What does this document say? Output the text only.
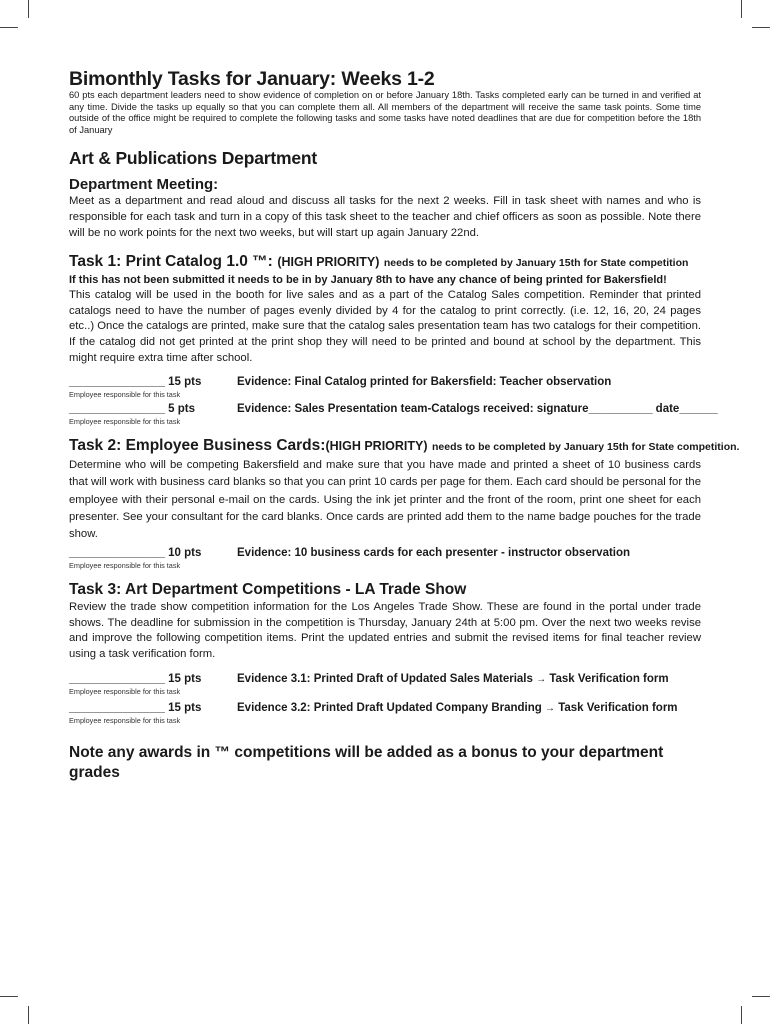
Bimonthly Tasks for January: Weeks 1-2

60 pts each department leaders need to show evidence of completion on or before January 18th. Tasks completed early can be turned in and verified at any time. Divide the tasks up equally so that you can complete them all. All members of the department will receive the same task points. Some time outside of the office might be required to complete the following tasks and some tasks have noted deadlines that are due for competition before the 18th of January

Art & Publications Department
Department Meeting:

Meet as a department and read aloud and discuss all tasks for the next 2 weeks. Fill in task sheet with names and who is responsible for each task and turn in a copy of this task sheet to the teacher and chief officers as soon as possible. Note there will be no work points for the next two weeks, but will start up again January 22nd.

Task 1: Print Catalog 1.0 ™: (HIGH PRIORITY) needs to be completed by January 15th for State competition

If this has not been submitted it needs to be in by January 8th to have any chance of being printed for Bakersfield!

This catalog will be used in the booth for live sales and as a part of the Catalog Sales competition. Reminder that printed catalogs need to have the number of pages evenly divided by 4 for the catalog to print correctly. (i.e. 12, 16, 20, 24 pages etc..) Once the catalogs are printed, make sure that the catalog sales presentation team has two catalogs for their competition. If the catalog did not get printed at the print shop they will need to be printed and bound at school by the department. This might require extra time after school.

_______________ 15 pts
Employee responsible for this task
Evidence: Final Catalog printed for Bakersfield: Teacher observation
_______________ 5 pts
Employee responsible for this task
Evidence: Sales Presentation team-Catalogs received: signature__________ date______
Task 2: Employee Business Cards:(HIGH PRIORITY) needs to be completed by January 15th for State competition.

Determine who will be competing Bakersfield and make sure that you have made and printed a sheet of 10 business cards that will work with business card blanks so that you can print 10 cards per page for them. Each card should be personal for the employee with their personal e-mail on the cards. Using the ink jet printer and the front of the room, print one sheet for each presenter. See your consultant for the card blanks. Once cards are printed add them to the name badge pouches for the trade show.

_______________ 10 pts
Employee responsible for this task
Evidence: 10 business cards for each presenter - instructor observation
Task 3: Art Department Competitions - LA Trade Show

Review the trade show competition information for the Los Angeles Trade Show. These are found in the portal under trade shows. The deadline for submission in the competition is Thursday, January 24th at 5:00 pm. Over the next two weeks revise and improve the following competition items. Print the updated entries and submit the revised items for final teacher review using a task verification form.

_______________ 15 pts
Employee responsible for this task
Evidence 3.1: Printed Draft of Updated Sales Materials → Task Verification form
_______________ 15 pts
Employee responsible for this task
Evidence 3.2: Printed Draft Updated Company Branding → Task Verification form

Note any awards in ™ competitions will be added as a bonus to your department grades
